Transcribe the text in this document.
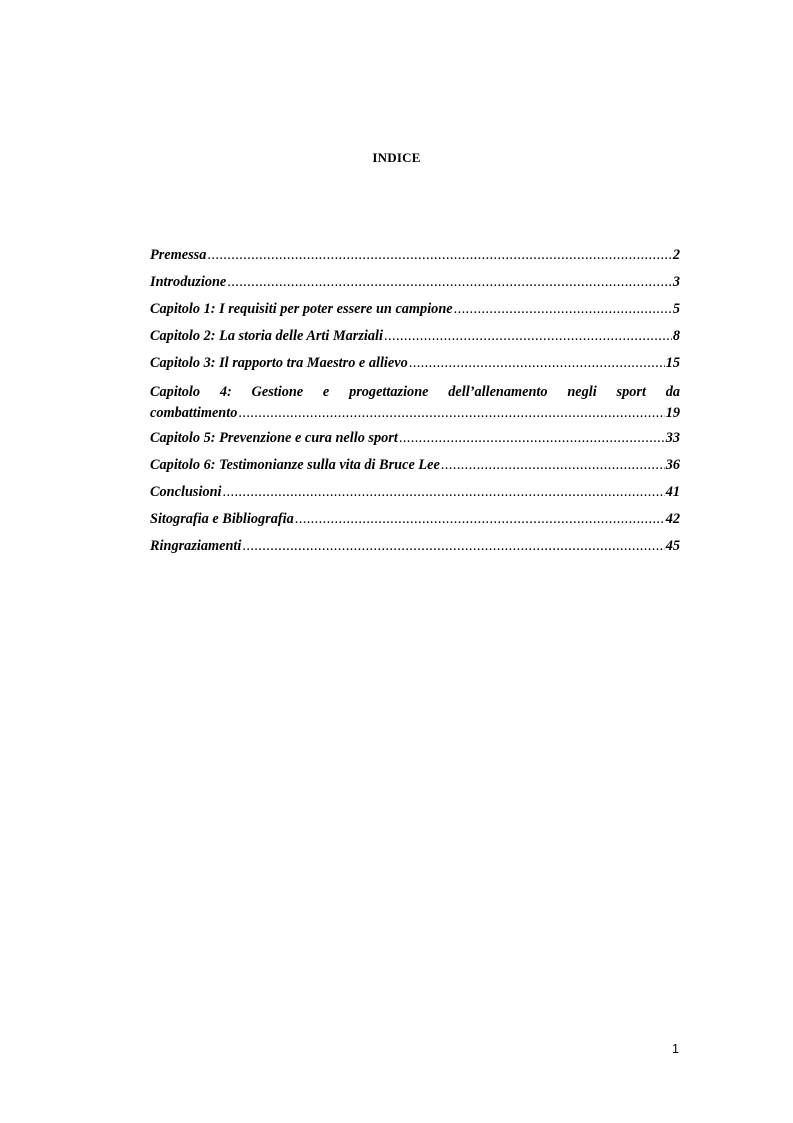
INDICE
Premessa .....	2
Introduzione .....	3
Capitolo 1: I requisiti per poter essere un campione .....	5
Capitolo 2: La storia delle Arti Marziali .....	8
Capitolo 3: Il rapporto tra Maestro e allievo .....	15
Capitolo 4: Gestione e progettazione dell’allenamento negli sport da
combattimento .....	19
Capitolo 5: Prevenzione e cura nello sport .....	33
Capitolo 6: Testimonianze sulla vita di Bruce Lee .....	36
Conclusioni .....	41
Sitografia e Bibliografia .....	42
Ringraziamenti .....	45
1
